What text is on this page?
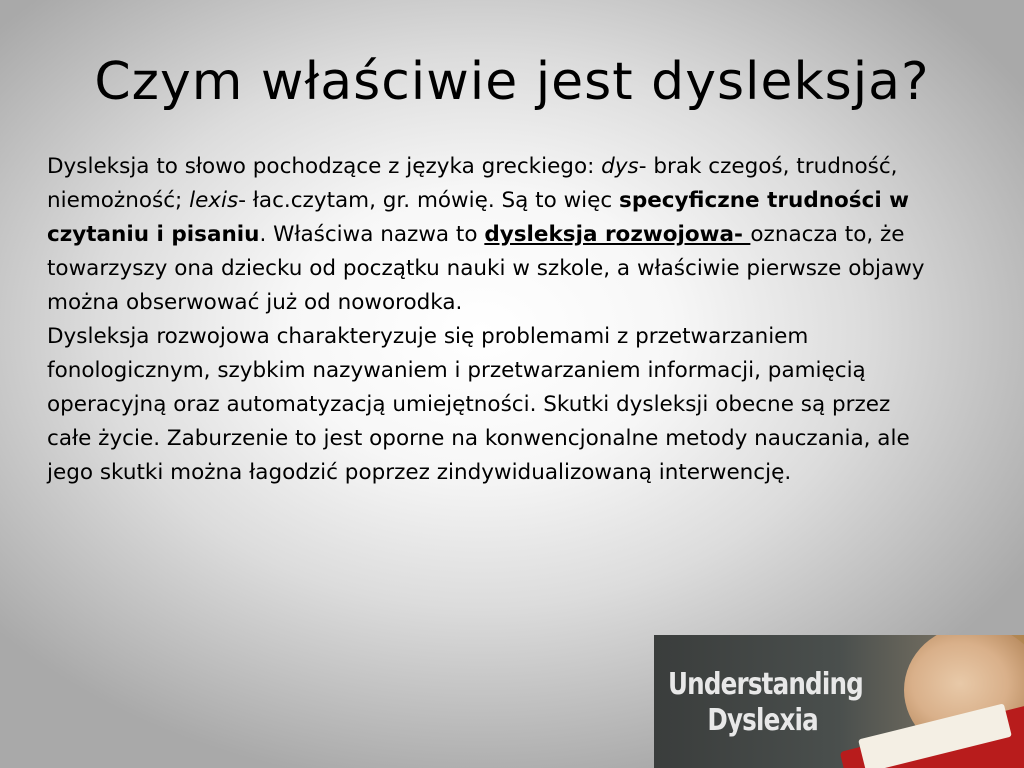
Czym właściwie jest dysleksja?

Dysleksja to słowo pochodzące z języka greckiego: dys- brak czegoś, trudność, niemożność; lexis- łac.czytam, gr. mówię. Są to więc specyficzne trudności w czytaniu i pisaniu. Właściwa nazwa to dysleksja rozwojowa- oznacza to, że towarzyszy ona dziecku od początku nauki w szkole, a właściwie pierwsze objawy można obserwować już od noworodka.

Dysleksja rozwojowa charakteryzuje się problemami z przetwarzaniem fonologicznym, szybkim nazywaniem i przetwarzaniem informacji, pamięcią operacyjną oraz automatyzacją umiejętności. Skutki dysleksji obecne są przez całe życie. Zaburzenie to jest oporne na konwencjonalne metody nauczania, ale jego skutki można łagodzić poprzez zindywidualizowaną interwencję.

Understanding
Dyslexia
